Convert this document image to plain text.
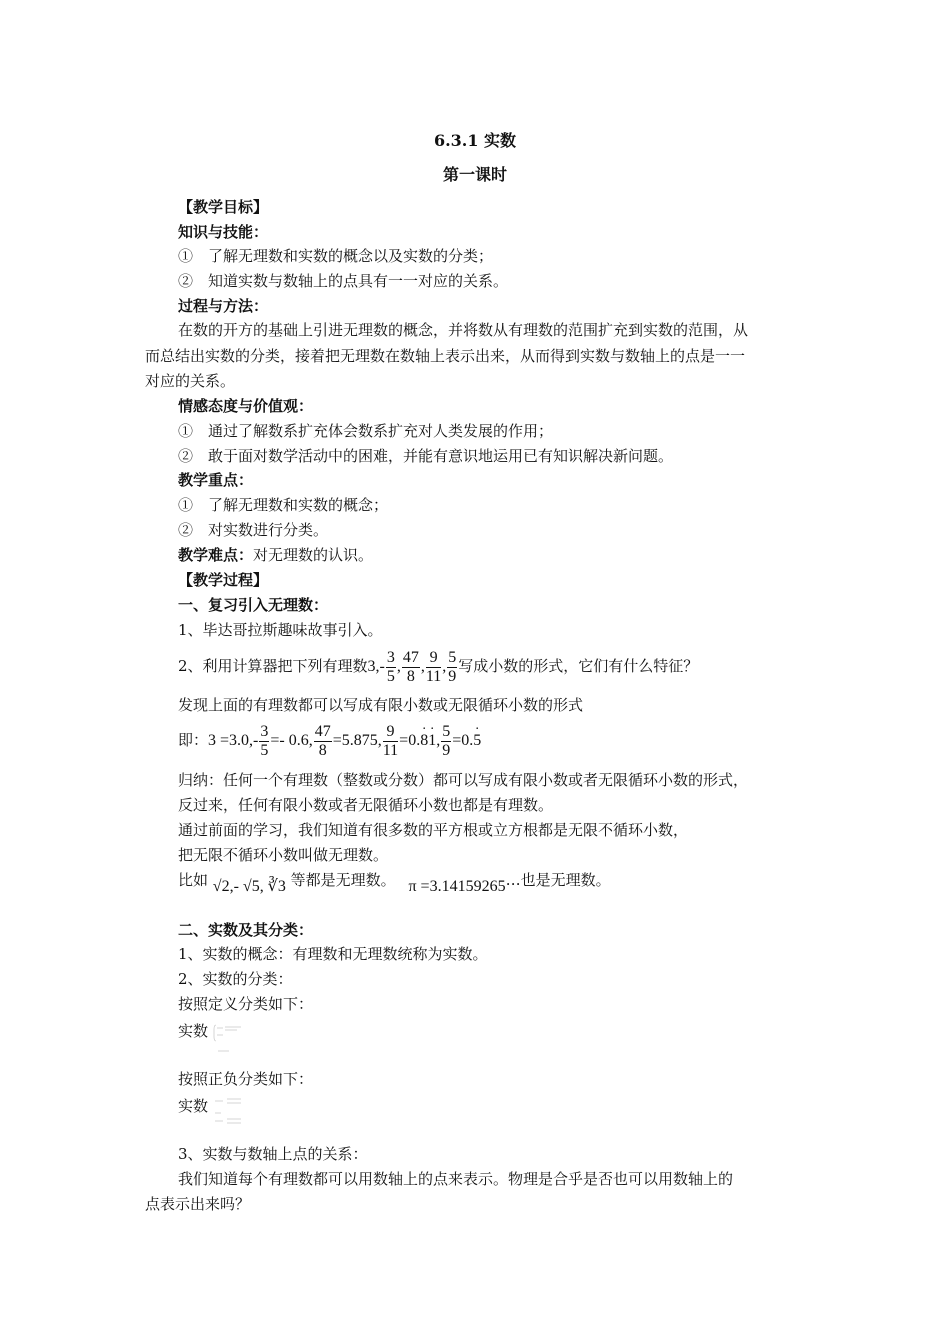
6.3.1 实数
第一课时
【教学目标】
知识与技能：
①　了解无理数和实数的概念以及实数的分类；
②　知道实数与数轴上的点具有一一对应的关系。
过程与方法：
在数的开方的基础上引进无理数的概念，并将数从有理数的范围扩充到实数的范围，从
而总结出实数的分类，接着把无理数在数轴上表示出来，从而得到实数与数轴上的点是一一
对应的关系。
情感态度与价值观：
①　通过了解数系扩充体会数系扩充对人类发展的作用；
②　敢于面对数学活动中的困难，并能有意识地运用已有知识解决新问题。
教学重点：
①　了解无理数和实数的概念；
②　对实数进行分类。
教学难点：对无理数的认识。
【教学过程】
一、复习引入无理数：
1、毕达哥拉斯趣味故事引入。
2、利用计算器把下列有理数$3,- \frac{3}{5}$ , $\frac{47}{8}$ , $\frac{9}{11}$ , $\frac{5}{9}$ 写成小数的形式，它们有什么特征？
发现上面的有理数都可以写成有限小数或无限循环小数的形式
即：$3 =3.0,- \frac{3}{5} =- 0.6$, $\frac{47}{8} =5.875$, $\frac{9}{11} =0.\cdot 8\cdot 1$, $\frac{5}{9} =0.\cdot 5$
归纳：任何一个有理数（整数或分数）都可以写成有限小数或者无限循环小数的形式，
反过来，任何有限小数或者无限循环小数也都是有理数。
通过前面的学习，我们知道有很多数的平方根或立方根都是无限不循环小数，
把无限不循环小数叫做无理数。
比如 √2,- √5, ∛3 等都是无理数。 π =3.14159265…也是无理数。
二、实数及其分类：
1、实数的概念：有理数和无理数统称为实数。
2、实数的分类：
按照定义分类如下：
实数
按照正负分类如下：
实数
3、实数与数轴上点的关系：
我们知道每个有理数都可以用数轴上的点来表示。物理是合乎是否也可以用数轴上的
点表示出来吗？
